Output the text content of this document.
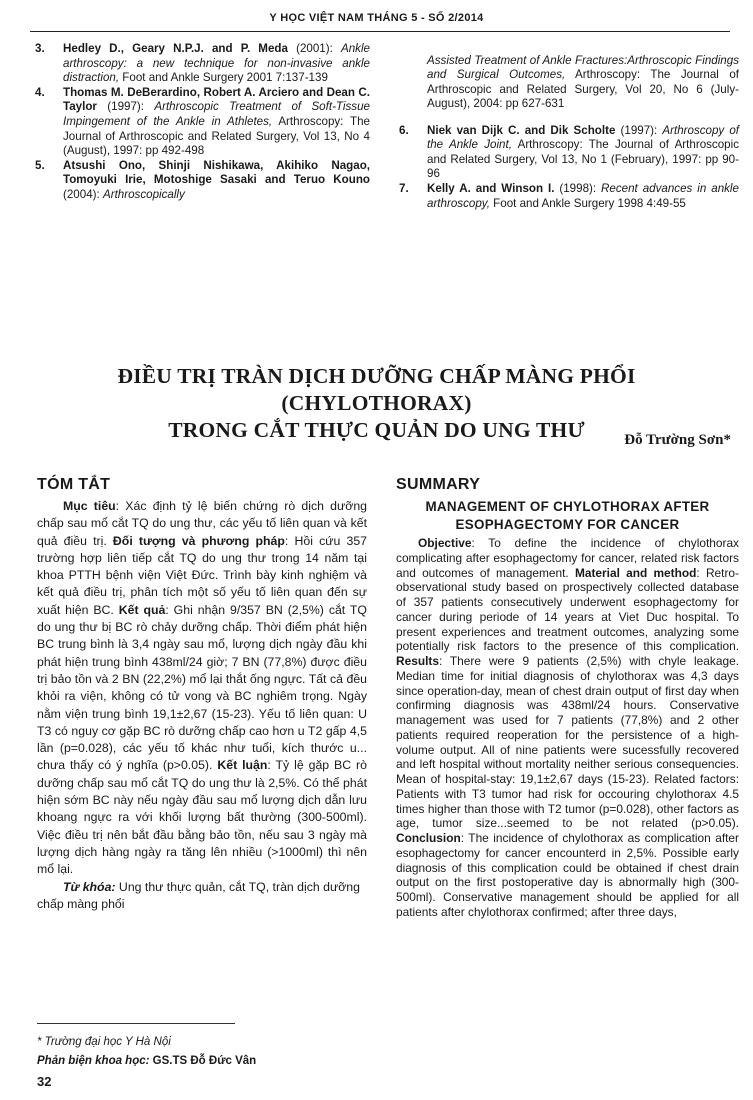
Y HỌC VIỆT NAM THÁNG 5 - SỐ 2/2014

3. Hedley D., Geary N.P.J. and P. Meda (2001): Ankle arthroscopy: a new technique for non-invasive ankle distraction, Foot and Ankle Surgery 2001 7:137-139

4. Thomas M. DeBerardino, Robert A. Arciero and Dean C. Taylor (1997): Arthroscopic Treatment of Soft-Tissue Impingement of the Ankle in Athletes, Arthroscopy: The Journal of Arthroscopic and Related Surgery, Vol 13, No 4 (August), 1997: pp 492-498

5. Atsushi Ono, Shinji Nishikawa, Akihiko Nagao, Tomoyuki Irie, Motoshige Sasaki and Teruo Kouno (2004): Arthroscopically

Assisted Treatment of Ankle Fractures:Arthroscopic Findings and Surgical Outcomes, Arthroscopy: The Journal of Arthroscopic and Related Surgery, Vol 20, No 6 (July-August), 2004: pp 627-631

6. Niek van Dijk C. and Dik Scholte (1997): Arthroscopy of the Ankle Joint, Arthroscopy: The Journal of Arthroscopic and Related Surgery, Vol 13, No 1 (February), 1997: pp 90-96

7. Kelly A. and Winson I. (1998): Recent advances in ankle arthroscopy, Foot and Ankle Surgery 1998 4:49-55

ĐIỀU TRỊ TRÀN DỊCH DƯỠNG CHẤP MÀNG PHỔI (CHYLOTHORAX)
TRONG CẮT THỰC QUẢN DO UNG THƯ	Đỗ Trường Sơn*
TÓM TẮT

Mục tiêu: Xác định tỷ lệ biến chứng rò dịch dưỡng chấp sau mổ cắt TQ do ung thư, các yếu tố liên quan và kết quả điều trị. Đối tượng và phương pháp: Hồi cứu 357 trường hợp liên tiếp cắt TQ do ung thư trong 14 năm tại khoa PTTH bệnh viện Việt Đức. Trình bày kinh nghiệm và kết quả điều trị, phân tích một số yếu tố liên quan đến sự xuất hiện BC. Kết quả: Ghi nhận 9/357 BN (2,5%) cắt TQ do ung thư bị BC rò chảy dưỡng chấp. Thời điểm phát hiện BC trung bình là 3,4 ngày sau mổ, lượng dịch ngày đầu khi phát hiện trung bình 438ml/24 giờ; 7 BN (77,8%) được điều trị bảo tồn và 2 BN (22,2%) mổ lại thắt ống ngực. Tất cả đều khỏi ra viện, không có tử vong và BC nghiêm trọng. Ngày nằm viện trung bình 19,1±2,67 (15-23). Yếu tố liên quan: U T3 có nguy cơ gặp BC rò dưỡng chấp cao hơn u T2 gấp 4,5 lần (p=0.028), các yếu tố khác như tuổi, kích thước u... chưa thấy có ý nghĩa (p>0.05). Kết luận: Tỷ lệ gặp BC rò dưỡng chấp sau mổ cắt TQ do ung thư là 2,5%. Có thể phát hiện sớm BC này nếu ngày đầu sau mổ lượng dịch dẫn lưu khoang ngực ra với khối lượng bất thường (300-500ml). Việc điều trị nên bắt đầu bằng bảo tồn, nếu sau 3 ngày mà lượng dịch hàng ngày ra tăng lên nhiều (>1000ml) thì nên mổ lại.

Từ khóa: Ung thư thực quản, cắt TQ, tràn dịch dưỡng chấp màng phổi

SUMMARY
MANAGEMENT OF CHYLOTHORAX AFTER
ESOPHAGECTOMY FOR CANCER

Objective: To define the incidence of chylothorax complicating after esophagectomy for cancer, related risk factors and outcomes of management. Material and method: Retro-observational study based on prospectively collected database of 357 patients consecutively underwent esophagectomy for cancer during periode of 14 years at Viet Duc hospital. To present experiences and treatment outcomes, analyzing some potentially risk factors to the presence of this complication. Results: There were 9 patients (2,5%) with chyle leakage. Median time for initial diagnosis of chylothorax was 4,3 days since operation-day, mean of chest drain output of first day when confirming diagnosis was 438ml/24 hours. Conservative management was used for 7 patients (77,8%) and 2 other patients required reoperation for the persistence of a high-volume output. All of nine patients were sucessfully recovered and left hospital without mortality neither serious consequencies. Mean of hospital-stay: 19,1±2,67 days (15-23). Related factors: Patients with T3 tumor had risk for occouring chylothorax 4.5 times higher than those with T2 tumor (p=0.028), other factors as age, tumor size...seemed to be not related (p>0.05). Conclusion: The incidence of chylothorax as complication after esophagectomy for cancer encounterd in 2,5%. Possible early diagnosis of this complication could be obtained if chest drain output on the first postoperative day is abnormally high (300-500ml). Conservative management should be applied for all patients after chylothorax confirmed; after three days,

* Trường đại học Y Hà Nội
Phản biện khoa học: GS.TS Đỗ Đức Vân
32
